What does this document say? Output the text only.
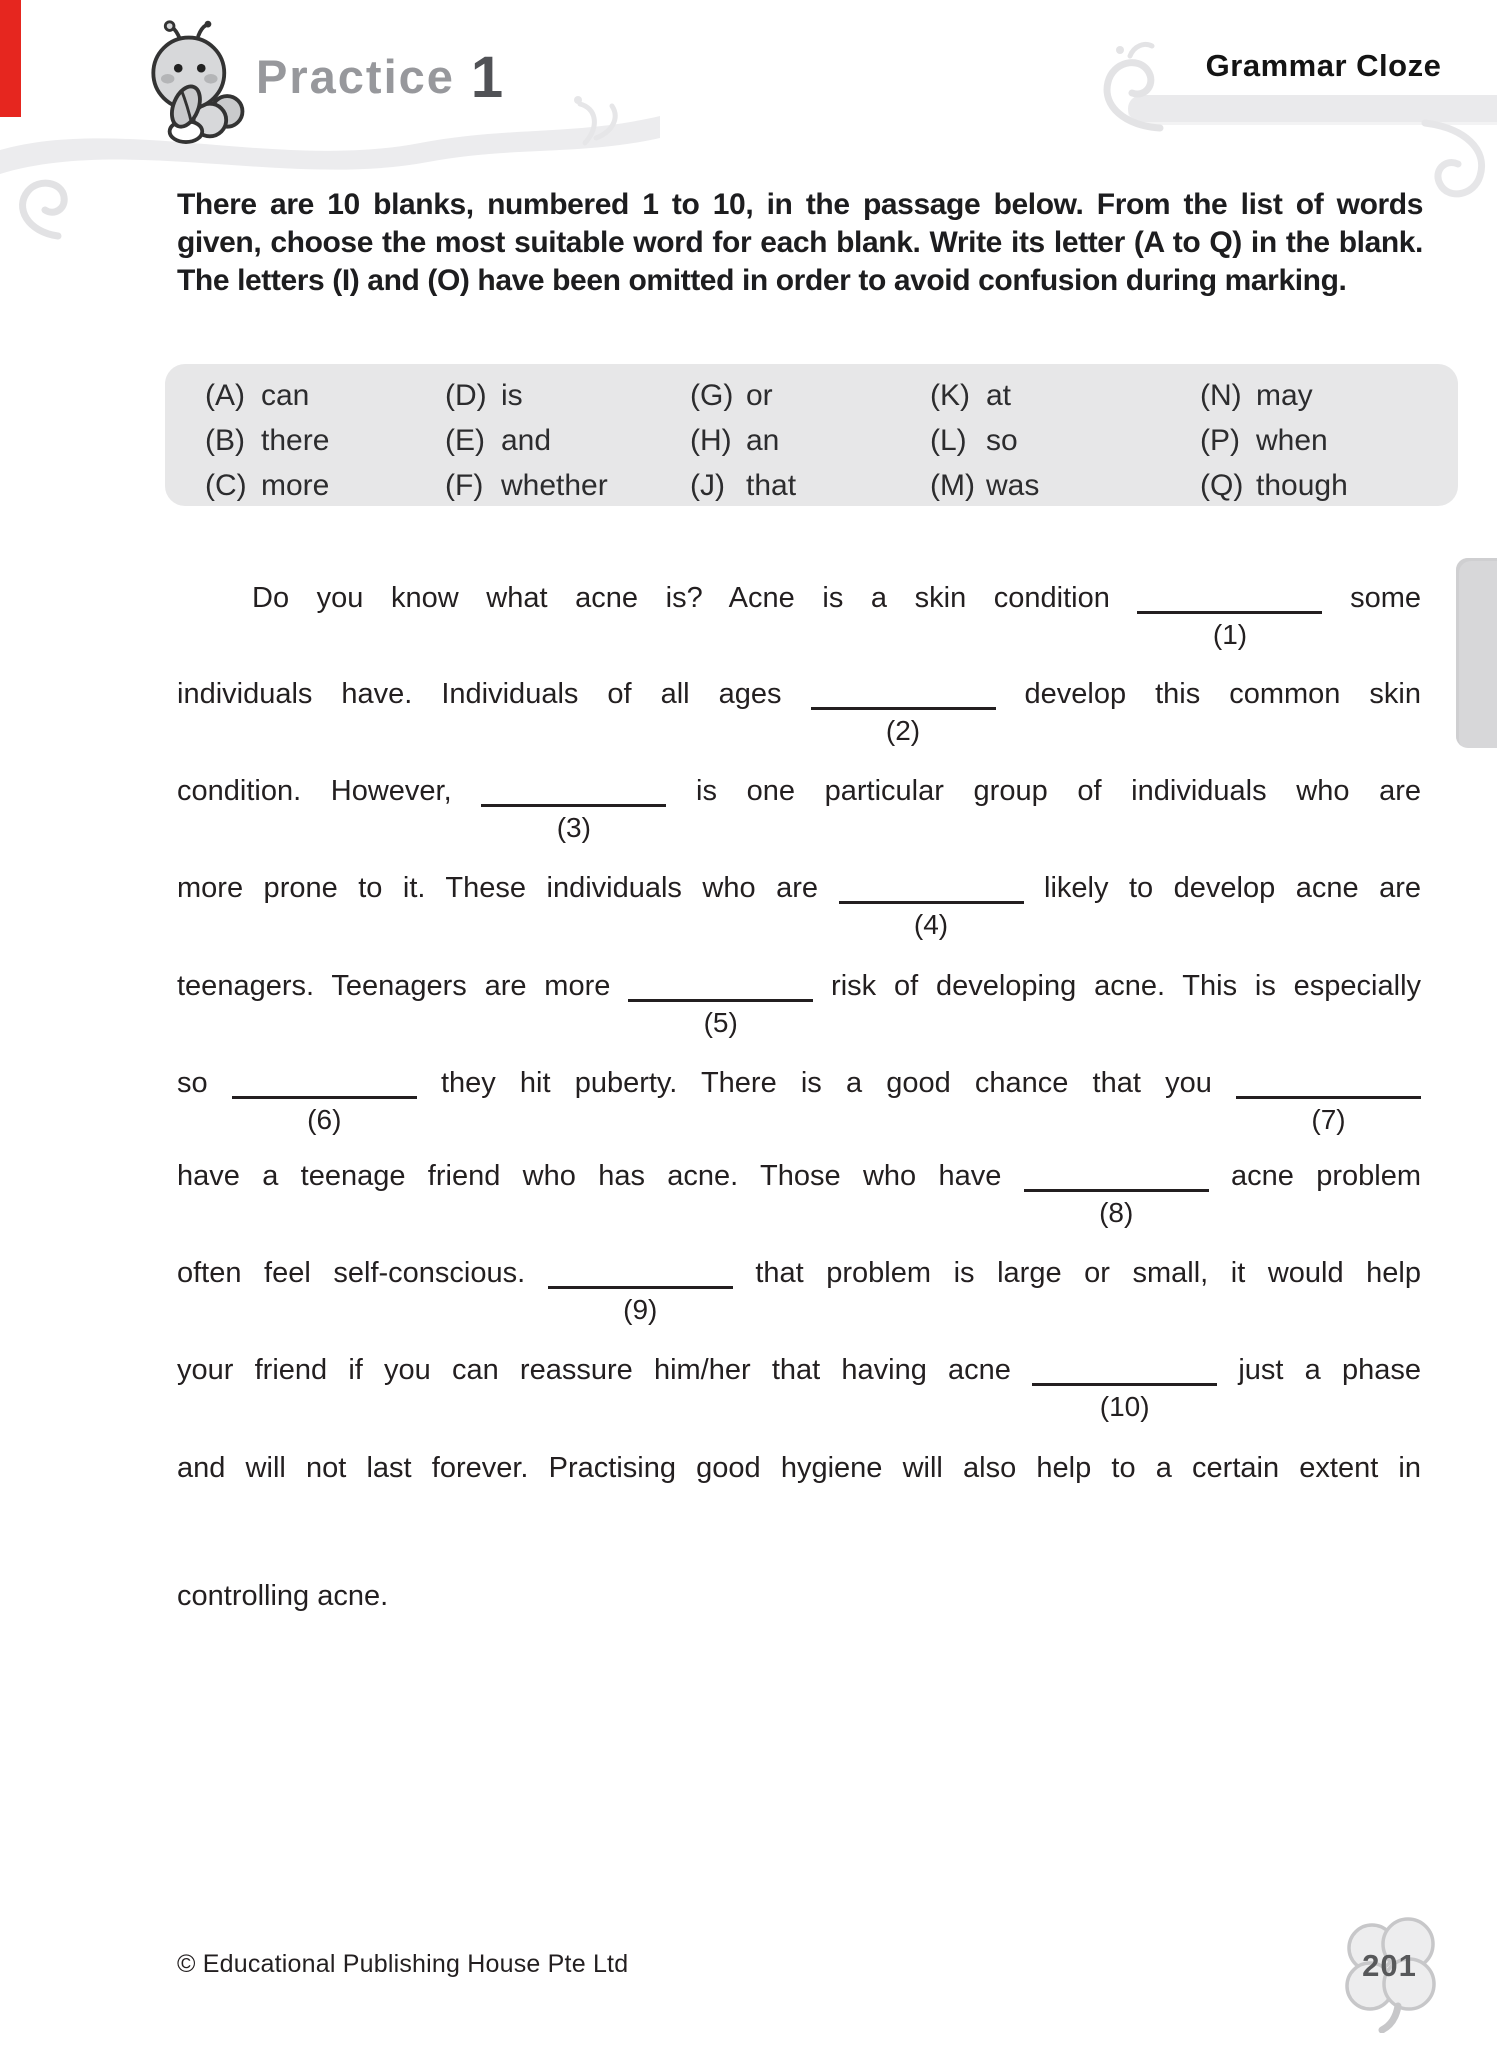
Practice 1	Grammar Cloze
There are 10 blanks, numbered 1 to 10, in the passage below. From the list of words given, choose the most suitable word for each blank. Write its letter (A to Q) in the blank. The letters (I) and (O) have been omitted in order to avoid confusion during marking.
(A) can
(B) there
(C) more
(D) is
(E) and
(F) whether
(G) or
(H) an
(J) that
(K) at
(L) so
(M) was
(N) may
(P) when
(Q) though
Do you know what acne is? Acne is a skin condition
(1)
some
individuals have. Individuals of all ages
(2)
develop this common skin
condition. However,
(3)
is one particular group of individuals who are
more prone to it. These individuals who are
(4)
likely to develop acne are
teenagers. Teenagers are more
(5)
risk of developing acne. This is especially
so
(6)
they hit puberty. There is a good chance that you
(7)
have a teenage friend who has acne. Those who have
(8)
acne problem
often feel self-conscious.
(9)
that problem is large or small, it would help
your friend if you can reassure him/her that having acne
(10)
just a phase
and will not last forever. Practising good hygiene will also help to a certain extent in
controlling acne.
© Educational Publishing House Pte Ltd	201
